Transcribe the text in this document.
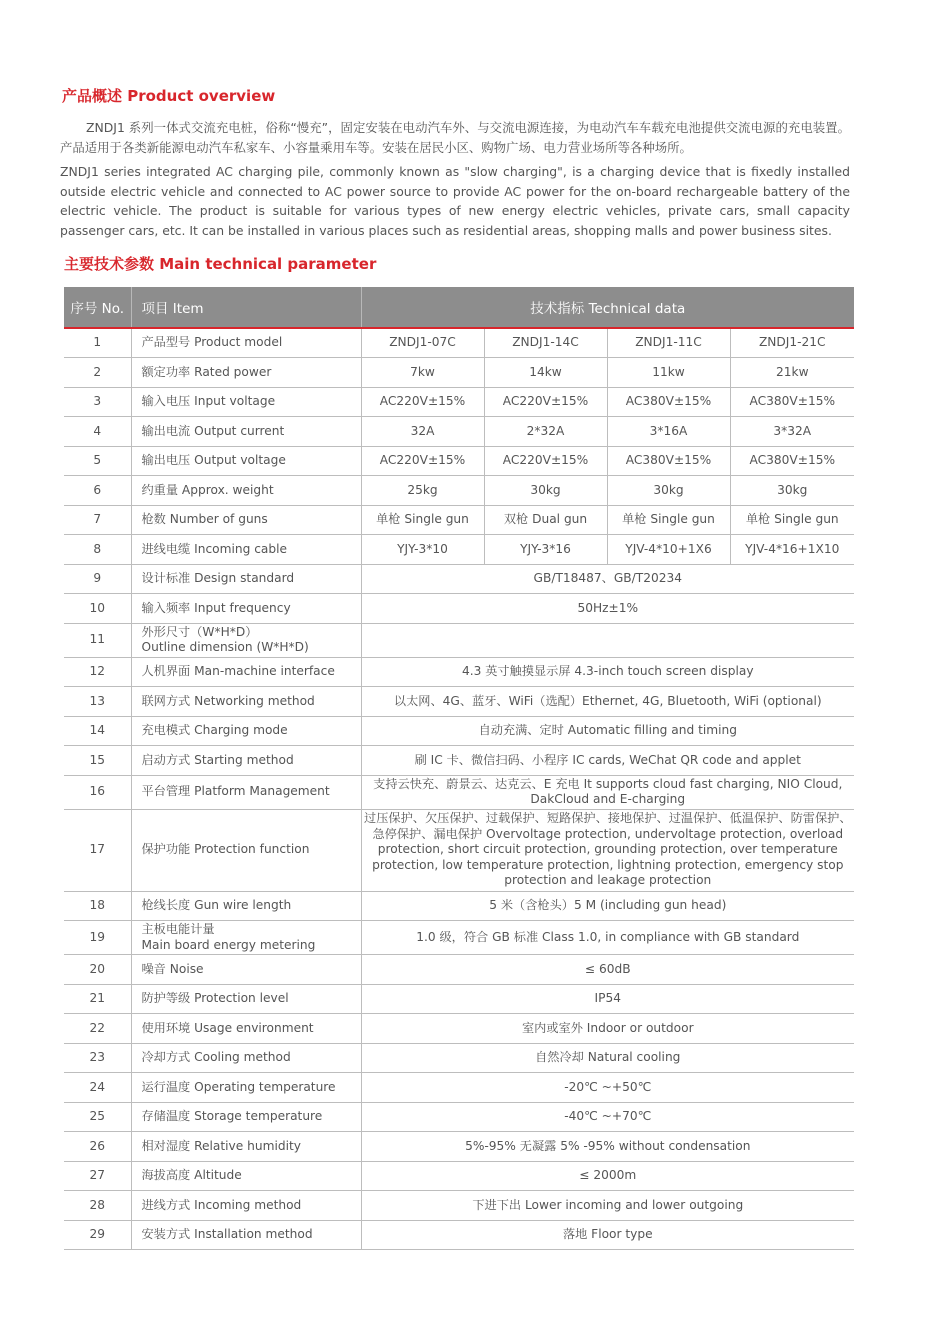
产品概述 Product overview

ZNDJ1 系列一体式交流充电桩，俗称“慢充”，固定安装在电动汽车外、与交流电源连接，为电动汽车车载充电池提供交流电源的充电装置。产品适用于各类新能源电动汽车私家车、小容量乘用车等。安装在居民小区、购物广场、电力营业场所等各种场所。

ZNDJ1 series integrated AC charging pile, commonly known as "slow charging", is a charging device that is fixedly installed outside electric vehicle and connected to AC power source to provide AC power for the on-board rechargeable battery of the electric vehicle. The product is suitable for various types of new energy electric vehicles, private cars, small capacity passenger cars, etc. It can be installed in various places such as residential areas, shopping malls and power business sites.

主要技术参数 Main technical parameter
序号 No.	项目 Item	技术指标 Technical data			
1	产品型号 Product model	ZNDJ1-07C	ZNDJ1-14C	ZNDJ1-11C	ZNDJ1-21C
2	额定功率 Rated power	7kw	14kw	11kw	21kw
3	输入电压 Input voltage	AC220V±15%	AC220V±15%	AC380V±15%	AC380V±15%
4	输出电流 Output current	32A	2*32A	3*16A	3*32A
5	输出电压 Output voltage	AC220V±15%	AC220V±15%	AC380V±15%	AC380V±15%
6	约重量 Approx. weight	25kg	30kg	30kg	30kg
7	枪数 Number of guns	单枪 Single gun	双枪 Dual gun	单枪 Single gun	单枪 Single gun
8	进线电缆 Incoming cable	YJY-3*10	YJY-3*16	YJV-4*10+1X6	YJV-4*16+1X10
9	设计标准 Design standard	GB/T18487、GB/T20234			
10	输入频率 Input frequency	50Hz±1%			
11	外形尺寸（W*H*D）
Outline dimension (W*H*D)				

12	人机界面 Man-machine interface	4.3 英寸触摸显示屏 4.3-inch touch screen display			
13	联网方式 Networking method	以太网、4G、蓝牙、WiFi（选配）Ethernet, 4G, Bluetooth, WiFi (optional)			
14	充电模式 Charging mode	自动充满、定时 Automatic filling and timing			
15	启动方式 Starting method	刷 IC 卡、微信扫码、小程序 IC cards, WeChat QR code and applet			
16	平台管理 Platform Management	支持云快充、蔚景云、达克云、E 充电 It supports cloud fast charging, NIO Cloud, DakCloud and E-charging			
17	保护功能 Protection function	过压保护、欠压保护、过载保护、短路保护、接地保护、过温保护、低温保护、防雷保护、急停保护、漏电保护 Overvoltage protection, undervoltage protection, overload protection, short circuit protection, grounding protection, over temperature protection, low temperature protection, lightning protection, emergency stop protection and leakage protection			
18	枪线长度 Gun wire length	5 米（含枪头）5 M (including gun head)			
19	主板电能计量
Main board energy metering	1.0 级，符合 GB 标准 Class 1.0, in compliance with GB standard			
20	噪音 Noise	≤ 60dB			
21	防护等级 Protection level	IP54			
22	使用环境 Usage environment	室内或室外 Indoor or outdoor			
23	冷却方式 Cooling method	自然冷却 Natural cooling			
24	运行温度 Operating temperature	-20℃ ~+50℃			
25	存储温度 Storage temperature	-40℃ ~+70℃			
26	相对湿度 Relative humidity	5%-95% 无凝露 5% -95% without condensation			
27	海拔高度 Altitude	≤ 2000m			
28	进线方式 Incoming method	下进下出 Lower incoming and lower outgoing			
29	安装方式 Installation method	落地 Floor type			
